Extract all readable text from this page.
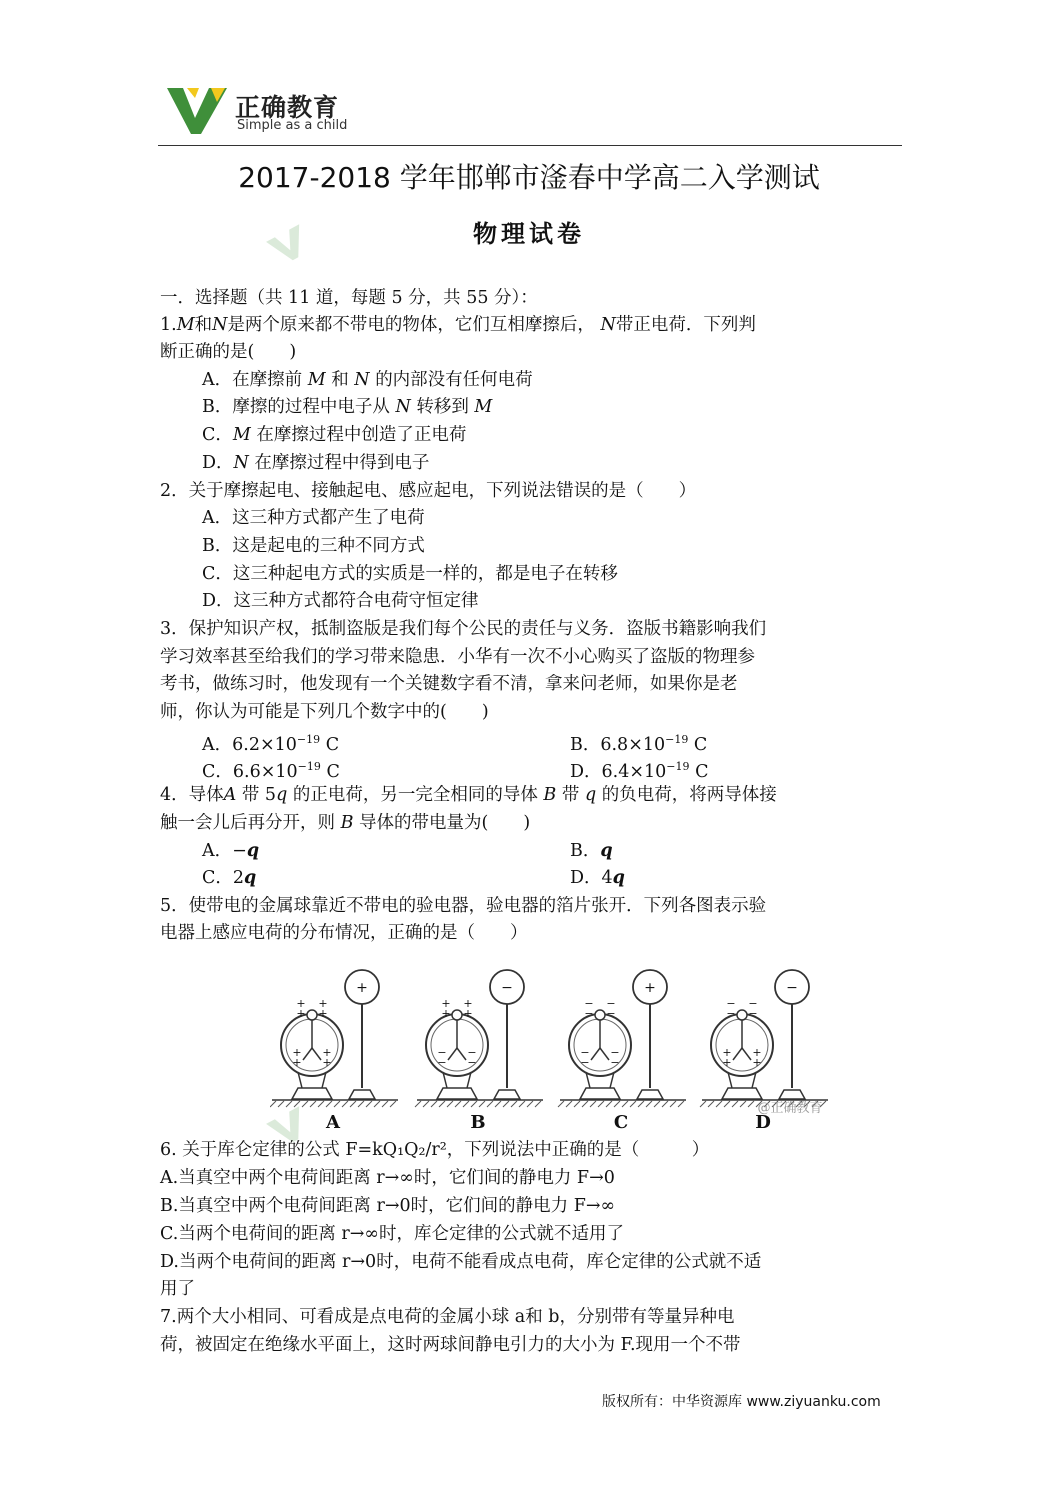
正确教育
Simple as a child
2017-2018 学年邯郸市滏春中学高二入学测试
物理试卷
一．选择题（共 11 道，每题 5 分，共 55 分）：
1.M和N是两个原来都不带电的物体，它们互相摩擦后， N带正电荷．下列判
断正确的是(　　)
A．在摩擦前 M 和 N 的内部没有任何电荷
B．摩擦的过程中电子从 N 转移到 M
C．M 在摩擦过程中创造了正电荷
D．N 在摩擦过程中得到电子
2．关于摩擦起电、接触起电、感应起电，下列说法错误的是（　　）
A．这三种方式都产生了电荷
B．这是起电的三种不同方式
C．这三种起电方式的实质是一样的，都是电子在转移
D．这三种方式都符合电荷守恒定律
3．保护知识产权，抵制盗版是我们每个公民的责任与义务．盗版书籍影响我们
学习效率甚至给我们的学习带来隐患．小华有一次不小心购买了盗版的物理参
考书，做练习时，他发现有一个关键数字看不清，拿来问老师，如果你是老
师，你认为可能是下列几个数字中的(　　)
A．$6.2\times 10^{-19}$ C	B．$6.8\times 10^{-19}$ C
C．$6.6\times 10^{-19}$ C	D．$6.4\times 10^{-19}$ C
4．导体A 带 5q 的正电荷，另一完全相同的导体 B 带 q 的负电荷，将两导体接
触一会儿后再分开，则 B 导体的带电量为(　　)
A．−q	B．q
C．2q	D．4q
5．使带电的金属球靠近不带电的验电器，验电器的箔片张开．下列各图表示验
电器上感应电荷的分布情况，正确的是（　　）
+ +
+ +
+ +
+ +
+
A
+ +
+ +
− −
− −
−
B
− −
− −
− −
− −
+
C
− −
− −
+ +
+ +
−
D
@正确教育
6. 关于库仑定律的公式 F=kQ₁Q₂/r²，下列说法中正确的是（　　　）
A.当真空中两个电荷间距离 r→∞时，它们间的静电力 F→0
B.当真空中两个电荷间距离 r→0时，它们间的静电力 F→∞
C.当两个电荷间的距离 r→∞时，库仑定律的公式就不适用了
D.当两个电荷间的距离 r→0时，电荷不能看成点电荷，库仑定律的公式就不适
用了
7.两个大小相同、可看成是点电荷的金属小球 a和 b，分别带有等量异种电
荷，被固定在绝缘水平面上，这时两球间静电引力的大小为 F.现用一个不带
版权所有：中华资源库 www.ziyuanku.com
